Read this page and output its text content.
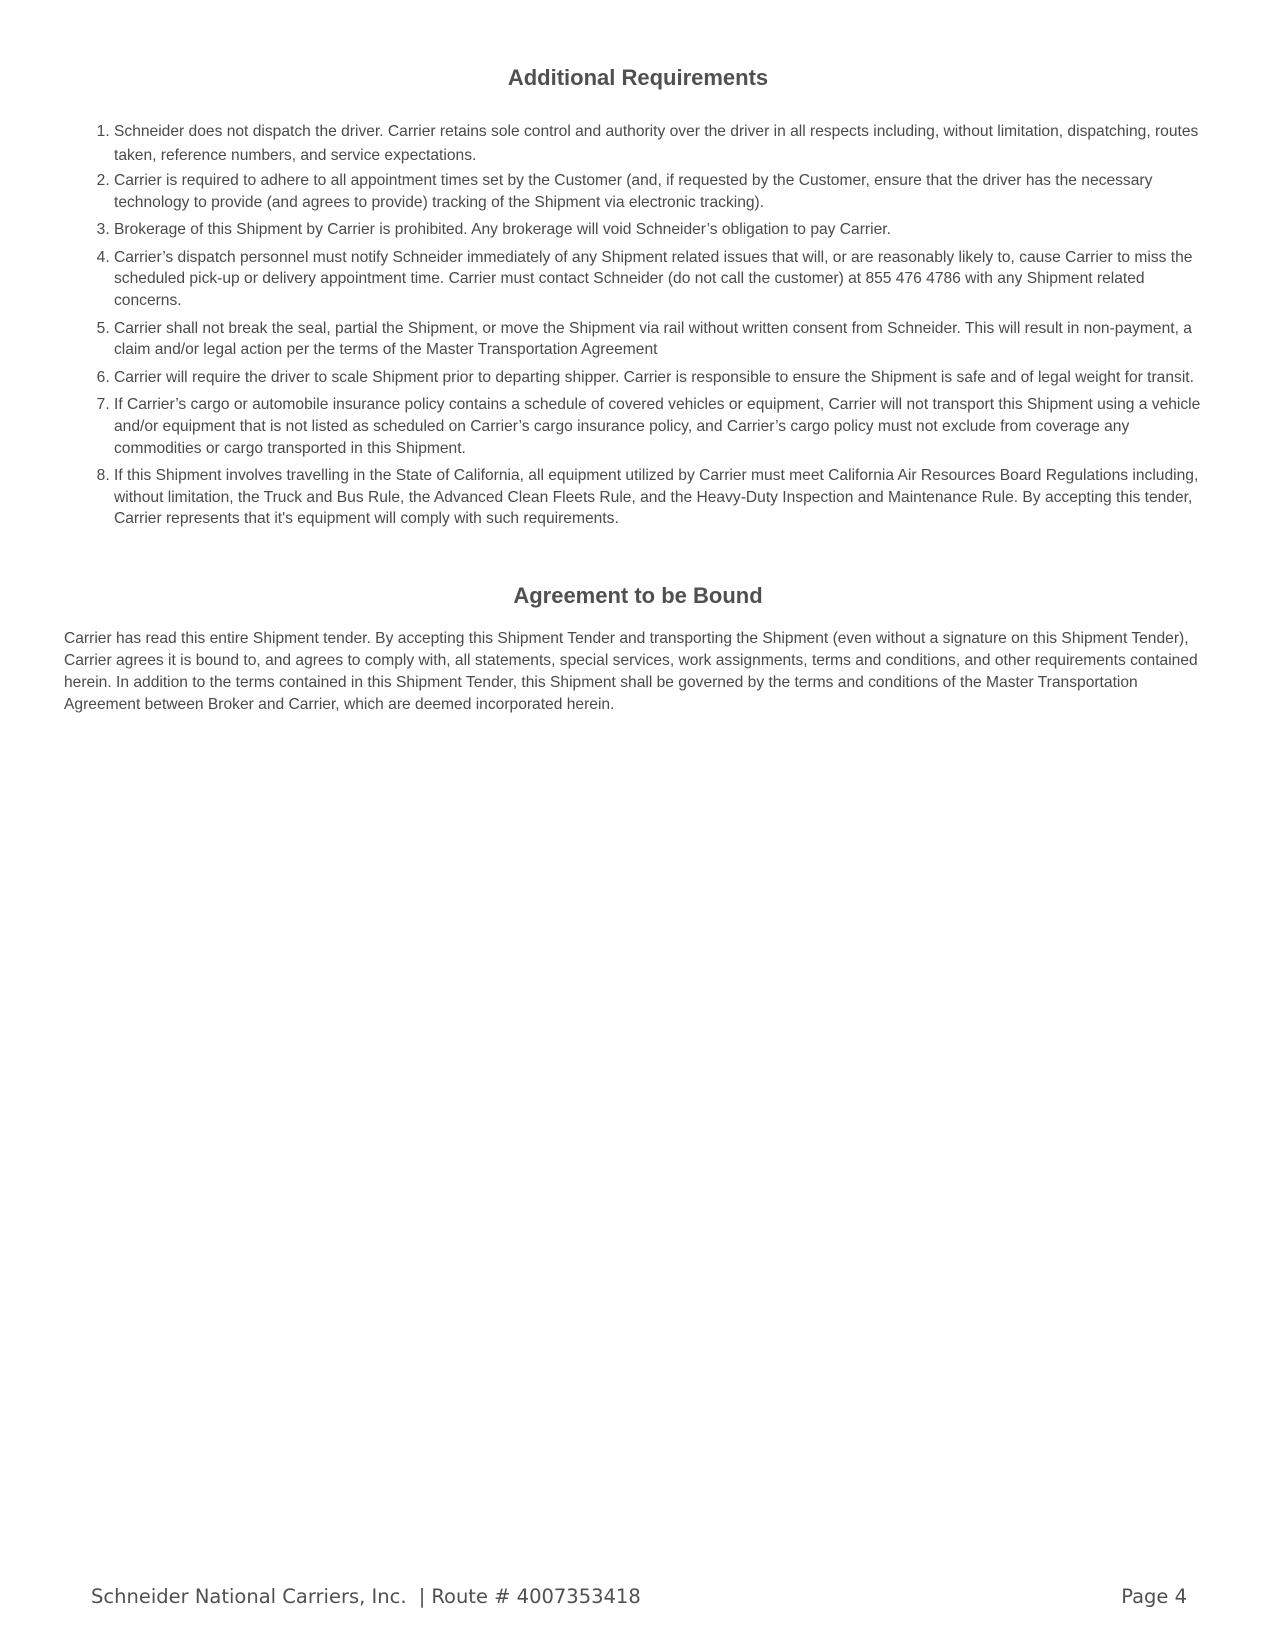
Additional Requirements
1. Schneider does not dispatch the driver. Carrier retains sole control and authority over the driver in all respects including, without limitation, dispatching, routes taken, reference numbers, and service expectations.
2. Carrier is required to adhere to all appointment times set by the Customer (and, if requested by the Customer, ensure that the driver has the necessary technology to provide (and agrees to provide) tracking of the Shipment via electronic tracking).
3. Brokerage of this Shipment by Carrier is prohibited. Any brokerage will void Schneider’s obligation to pay Carrier.
4. Carrier’s dispatch personnel must notify Schneider immediately of any Shipment related issues that will, or are reasonably likely to, cause Carrier to miss the scheduled pick-up or delivery appointment time. Carrier must contact Schneider (do not call the customer) at 855 476 4786 with any Shipment related concerns.
5. Carrier shall not break the seal, partial the Shipment, or move the Shipment via rail without written consent from Schneider. This will result in non-payment, a claim and/or legal action per the terms of the Master Transportation Agreement
6. Carrier will require the driver to scale Shipment prior to departing shipper. Carrier is responsible to ensure the Shipment is safe and of legal weight for transit.
7. If Carrier’s cargo or automobile insurance policy contains a schedule of covered vehicles or equipment, Carrier will not transport this Shipment using a vehicle and/or equipment that is not listed as scheduled on Carrier’s cargo insurance policy, and Carrier’s cargo policy must not exclude from coverage any commodities or cargo transported in this Shipment.
8. If this Shipment involves travelling in the State of California, all equipment utilized by Carrier must meet California Air Resources Board Regulations including, without limitation, the Truck and Bus Rule, the Advanced Clean Fleets Rule, and the Heavy-Duty Inspection and Maintenance Rule. By accepting this tender, Carrier represents that it's equipment will comply with such requirements.
Agreement to be Bound

Carrier has read this entire Shipment tender. By accepting this Shipment Tender and transporting the Shipment (even without a signature on this Shipment Tender), Carrier agrees it is bound to, and agrees to comply with, all statements, special services, work assignments, terms and conditions, and other requirements contained herein. In addition to the terms contained in this Shipment Tender, this Shipment shall be governed by the terms and conditions of the Master Transportation Agreement between Broker and Carrier, which are deemed incorporated herein.

Schneider National Carriers, Inc. | Route # 4007353418	Page 4
